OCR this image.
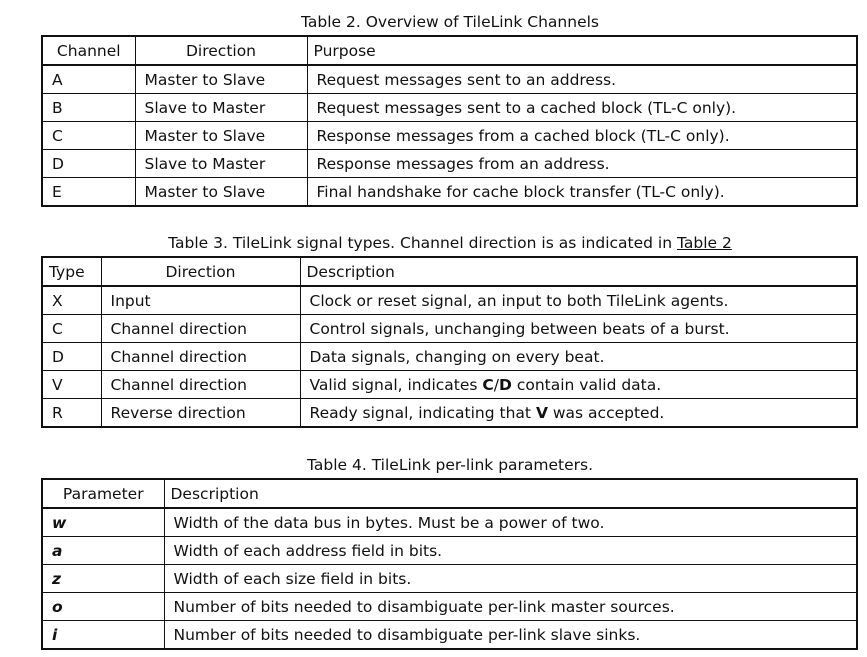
Table 2. Overview of TileLink Channels
Channel	Direction	Purpose
A	Master to Slave	Request messages sent to an address.
B	Slave to Master	Request messages sent to a cached block (TL-C only).
C	Master to Slave	Response messages from a cached block (TL-C only).
D	Slave to Master	Response messages from an address.
E	Master to Slave	Final handshake for cache block transfer (TL-C only).
Table 3. TileLink signal types. Channel direction is as indicated in Table 2
Type	Direction	Description
X	Input	Clock or reset signal, an input to both TileLink agents.
C	Channel direction	Control signals, unchanging between beats of a burst.
D	Channel direction	Data signals, changing on every beat.
V	Channel direction	Valid signal, indicates C/D contain valid data.
R	Reverse direction	Ready signal, indicating that V was accepted.
Table 4. TileLink per-link parameters.
Parameter	Description
w	Width of the data bus in bytes. Must be a power of two.
a	Width of each address field in bits.
z	Width of each size field in bits.
o	Number of bits needed to disambiguate per-link master sources.
i	Number of bits needed to disambiguate per-link slave sinks.
